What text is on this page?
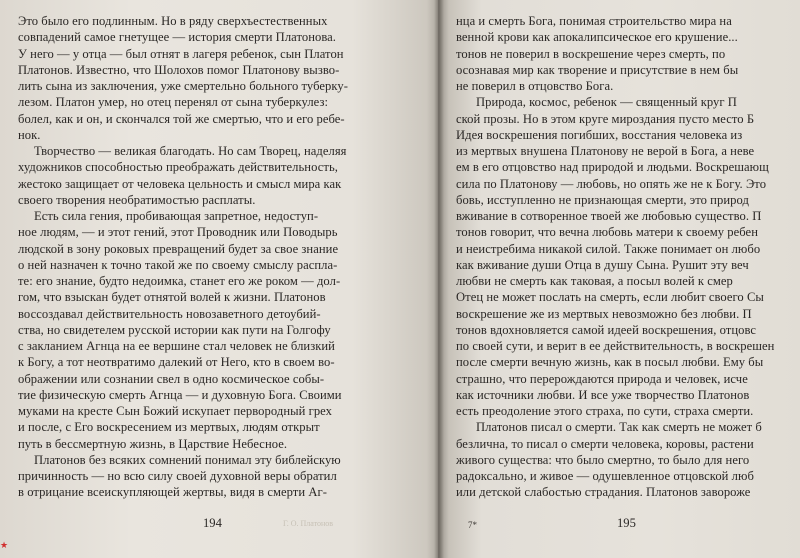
Это было его подлинным. Но в ряду сверхъестественных
совпадений самое гнетущее — история смерти Платонова.
У него — у отца — был отнят в лагеря ребенок, сын Платон
Платонов. Известно, что Шолохов помог Платонову вызво-
лить сына из заключения, уже смертельно больного туберку-
лезом. Платон умер, но отец перенял от сына туберкулез:
болел, как и он, и скончался той же смертью, что и его ребе-
нок.
Творчество — великая благодать. Но сам Творец, наделяя
художников способностью преображать действительность,
жестоко защищает от человека цельность и смысл мира как
своего творения необратимостью расплаты.
Есть сила гения, пробивающая запретное, недоступ-
ное людям, — и этот гений, этот Проводник или Поводырь
людской в зону роковых превращений будет за свое знание
о ней назначен к точно такой же по своему смыслу распла-
те: его знание, будто недоимка, станет его же роком — дол-
гом, что взыскан будет отнятой волей к жизни. Платонов
воссоздавал действительность новозаветного детоубий-
ства, но свидетелем русской истории как пути на Голгофу
с закланием Агнца на ее вершине стал человек не близкий
к Богу, а тот неотвратимо далекий от Него, кто в своем во-
ображении или сознании свел в одно космическое собы-
тие физическую смерть Агнца — и духовную Бога. Своими
муками на кресте Сын Божий искупает первородный грех
и после, с Его воскресением из мертвых, людям открыт
путь в бессмертную жизнь, в Царствие Небесное.
Платонов без всяких сомнений понимал эту библейскую
причинность — но всю силу своей духовной веры обратил
в отрицание всеискупляющей жертвы, видя в смерти Аг-
Г. О. Платонов
194
★
нца и смерть Бога, понимая строительство мира на
венной крови как апокалипсическое его крушение...
тонов не поверил в воскрешение через смерть, по
осознавая мир как творение и присутствие в нем бы
не поверил в отцовство Бога.
Природа, космос, ребенок — священный круг П
ской прозы. Но в этом круге мироздания пусто место Б
Идея воскрешения погибших, восстания человека из
из мертвых внушена Платонову не верой в Бога, а неве
ем в его отцовство над природой и людьми. Воскрешающ
сила по Платонову — любовь, но опять же не к Богу. Это
бовь, исступленно не признающая смерти, это природ
вживание в сотворенное твоей же любовью существо. П
тонов говорит, что вечна любовь матери к своему ребен
и неистребима никакой силой. Также понимает он любо
как вживание души Отца в душу Сына. Рушит эту веч
любви не смерть как таковая, а посыл волей к смер
Отец не может послать на смерть, если любит своего Сы
воскрешение же из мертвых невозможно без любви. П
тонов вдохновляется самой идеей воскрешения, отцовс
по своей сути, и верит в ее действительность, в воскрешен
после смерти вечную жизнь, как в посыл любви. Ему бы
страшно, что перерождаются природа и человек, исче
как источники любви. И все уже творчество Платонов
есть преодоление этого страха, по сути, страха смерти.
Платонов писал о смерти. Так как смерть не может б
безлична, то писал о смерти человека, коровы, растени
живого существа: что было смертно, то было для него
радоксально, и живое — одушевленное отцовской люб
или детской слабостью страдания. Платонов завороже
7*	195
